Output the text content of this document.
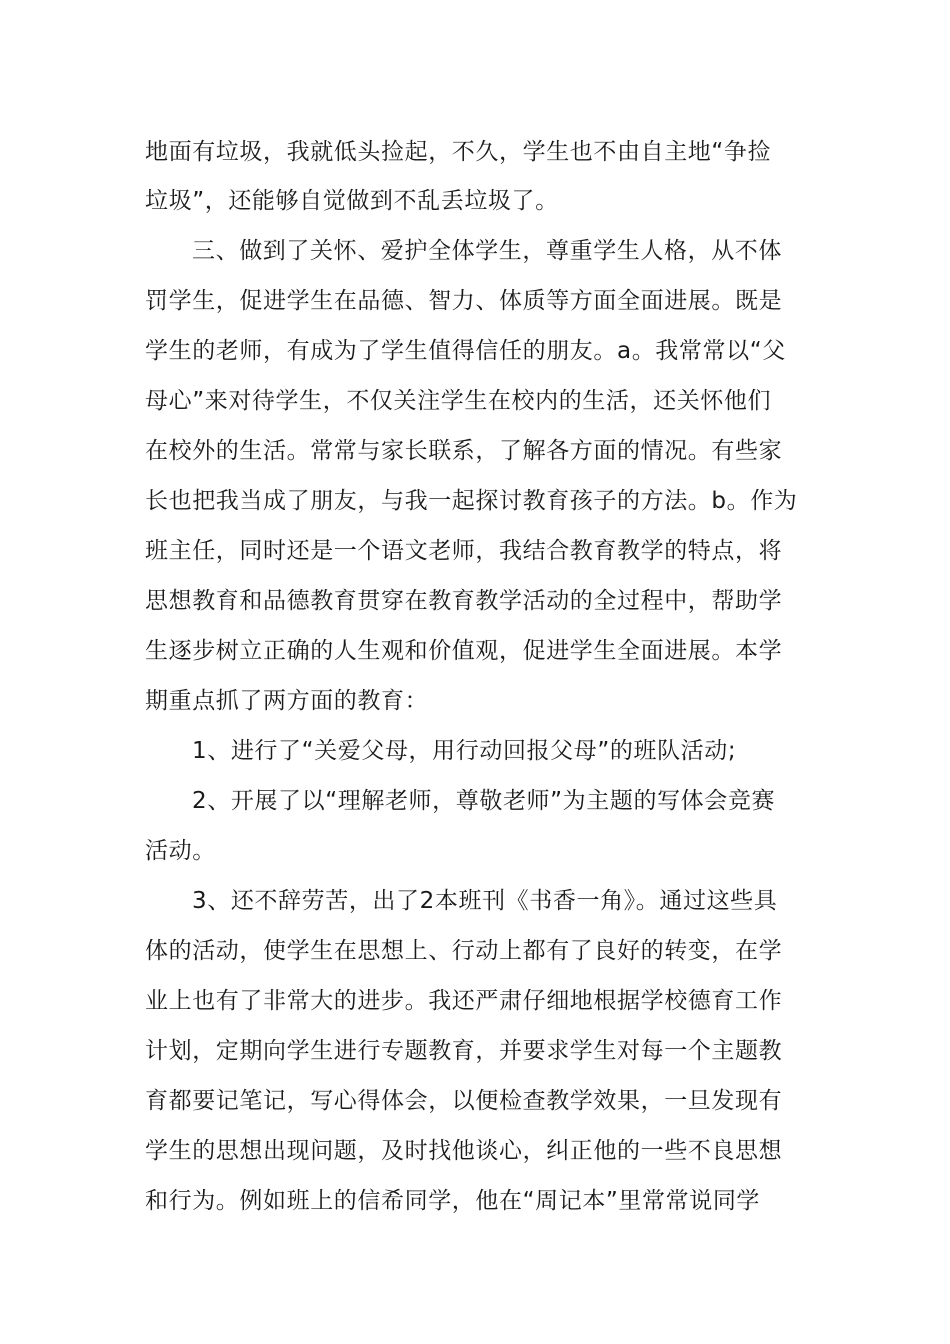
地面有垃圾，我就低头捡起，不久，学生也不由自主地“争捡
垃圾”，还能够自觉做到不乱丢垃圾了。
三、做到了关怀、爱护全体学生，尊重学生人格，从不体
罚学生，促进学生在品德、智力、体质等方面全面进展。既是
学生的老师，有成为了学生值得信任的朋友。a。我常常以“父
母心”来对待学生，不仅关注学生在校内的生活，还关怀他们
在校外的生活。常常与家长联系，了解各方面的情况。有些家
长也把我当成了朋友，与我一起探讨教育孩子的方法。b。作为
班主任，同时还是一个语文老师，我结合教育教学的特点，将
思想教育和品德教育贯穿在教育教学活动的全过程中，帮助学
生逐步树立正确的人生观和价值观，促进学生全面进展。本学
期重点抓了两方面的教育：
1、进行了“关爱父母，用行动回报父母”的班队活动;
2、开展了以“理解老师，尊敬老师”为主题的写体会竞赛
活动。
3、还不辞劳苦，出了2本班刊《书香一角》。通过这些具
体的活动，使学生在思想上、行动上都有了良好的转变，在学
业上也有了非常大的进步。我还严肃仔细地根据学校德育工作
计划，定期向学生进行专题教育，并要求学生对每一个主题教
育都要记笔记，写心得体会，以便检查教学效果，一旦发现有
学生的思想出现问题，及时找他谈心，纠正他的一些不良思想
和行为。例如班上的信希同学，他在“周记本”里常常说同学
